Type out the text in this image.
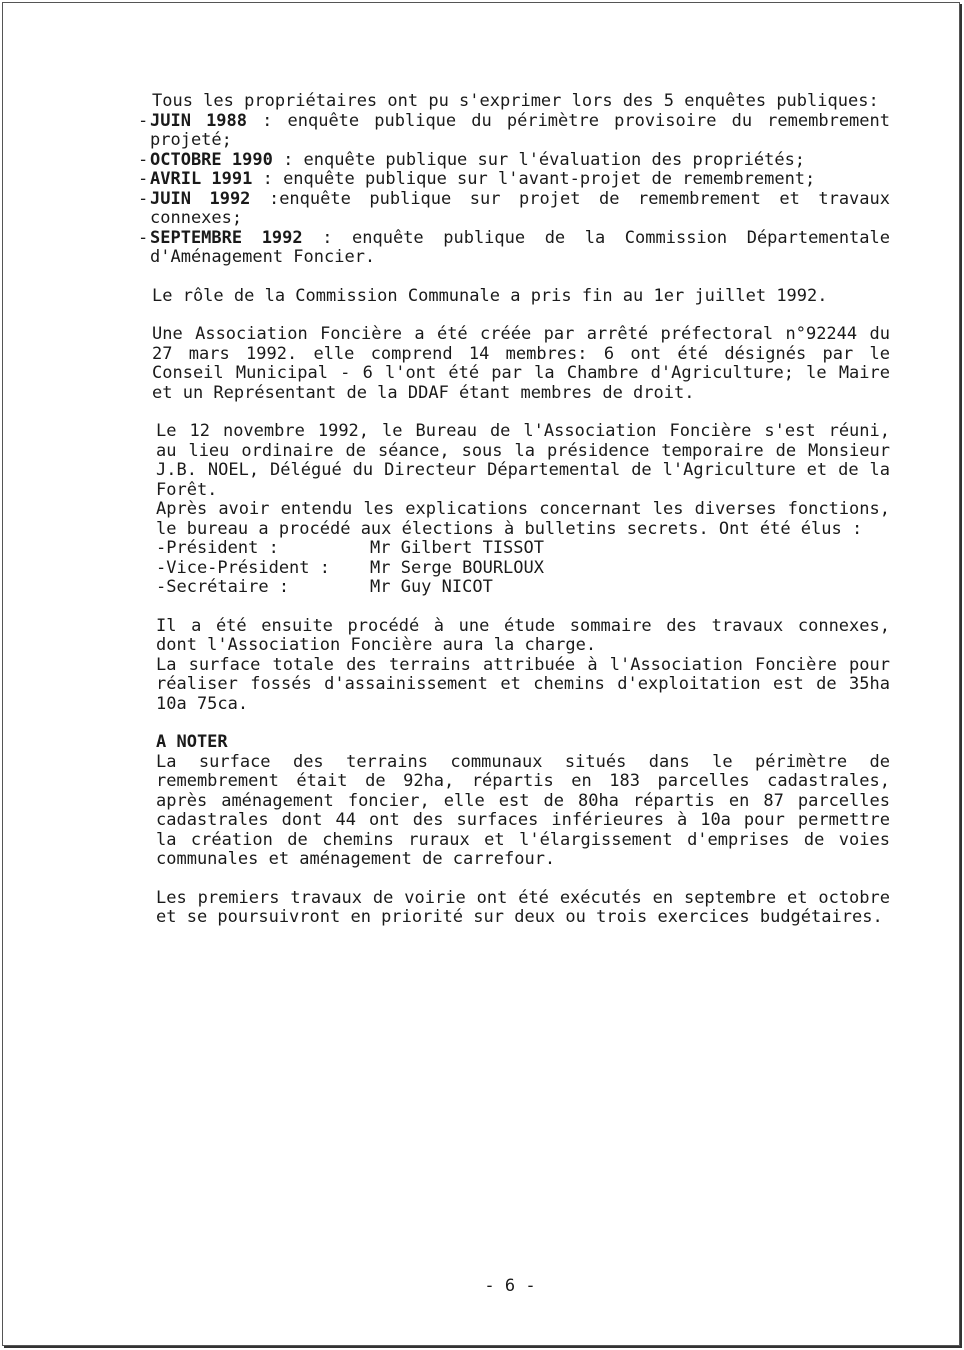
Tous les propriétaires ont pu s'exprimer lors des 5 enquêtes publiques:

- JUIN 1988 : enquête publique du périmètre provisoire du remembrement projeté;
- OCTOBRE 1990 : enquête publique sur l'évaluation des propriétés;
- AVRIL 1991 : enquête publique sur l'avant-projet de remembrement;
- JUIN 1992 :enquête publique sur projet de remembrement et travaux connexes;
- SEPTEMBRE 1992 : enquête publique de la Commission Départementale d'Aménagement Foncier.

Le rôle de la Commission Communale a pris fin au 1er juillet 1992.

Une Association Foncière a été créée par arrêté préfectoral n°92244 du 27 mars 1992. elle comprend 14 membres: 6 ont été désignés par le Conseil Municipal - 6 l'ont été par la Chambre d'Agriculture; le Maire et un Représentant de la DDAF étant membres de droit.

Le 12 novembre 1992, le Bureau de l'Association Foncière s'est réuni, au lieu ordinaire de séance, sous la présidence temporaire de Monsieur J.B. NOEL, Délégué du Directeur Départemental de l'Agriculture et de la Forêt.

Après avoir entendu les explications concernant les diverses fonctions, le bureau a procédé aux élections à bulletins secrets. Ont été élus :

-Président :	Mr Gilbert TISSOT
-Vice-Président :	Mr Serge BOURLOUX
-Secrétaire :	Mr Guy NICOT

Il a été ensuite procédé à une étude sommaire des travaux connexes, dont l'Association Foncière aura la charge.

La surface totale des terrains attribuée à l'Association Foncière pour réaliser fossés d'assainissement et chemins d'exploitation est de 35ha 10a 75ca.

A NOTER

La surface des terrains communaux situés dans le périmètre de remembrement était de 92ha, répartis en 183 parcelles cadastrales, après aménagement foncier, elle est de 80ha répartis en 87 parcelles cadastrales dont 44 ont des surfaces inférieures à 10a pour permettre la création de chemins ruraux et l'élargissement d'emprises de voies communales et aménagement de carrefour.

Les premiers travaux de voirie ont été exécutés en septembre et octobre et se poursuivront en priorité sur deux ou trois exercices budgétaires.

- 6 -
